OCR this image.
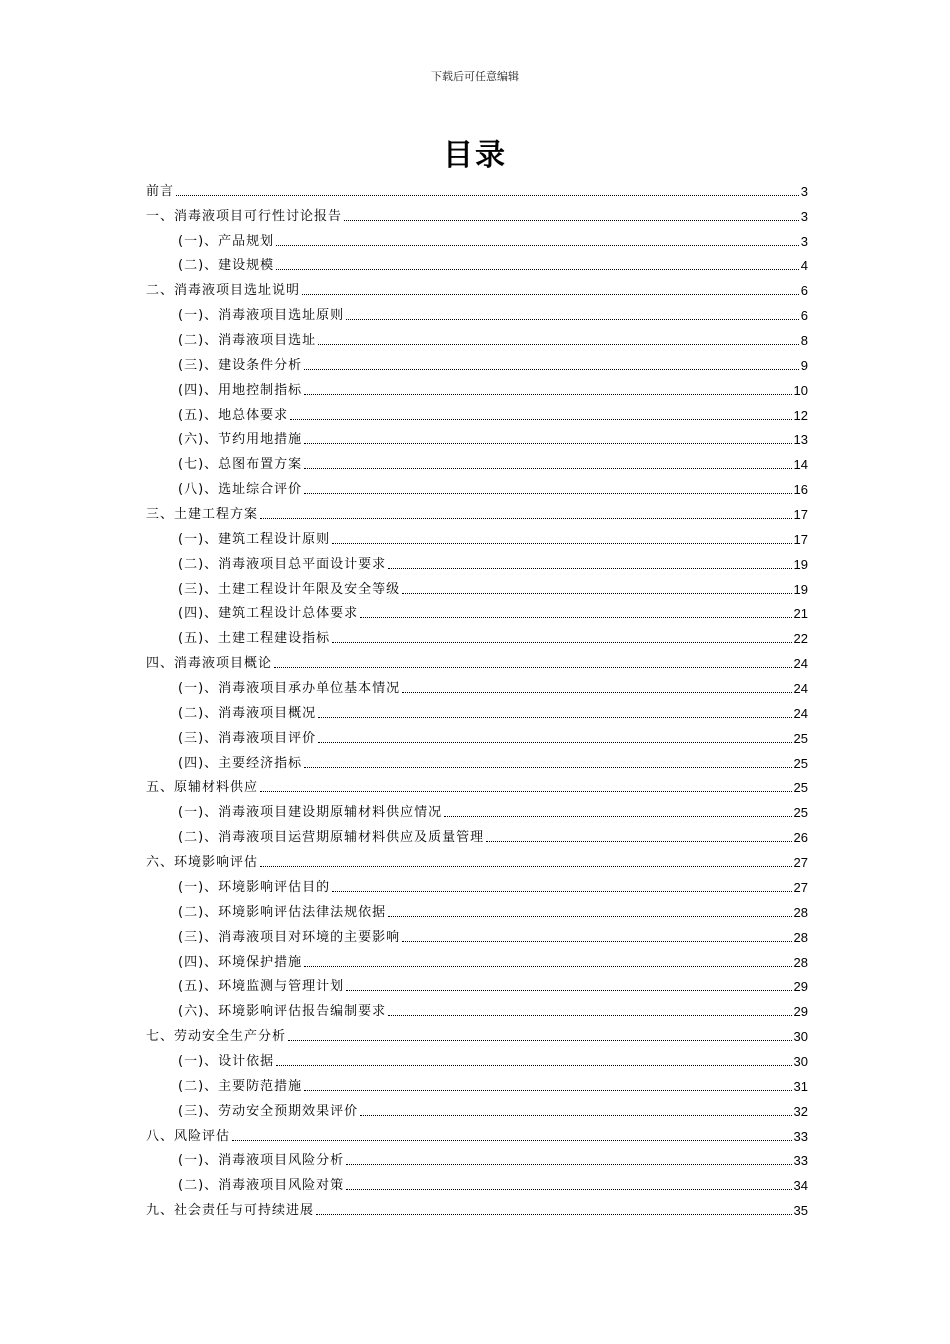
下载后可任意编辑
目录
前言	3
一、消毒液项目可行性讨论报告	3
(一)、产品规划	3
(二)、建设规模	4
二、消毒液项目选址说明	6
(一)、消毒液项目选址原则	6
(二)、消毒液项目选址	8
(三)、建设条件分析	9
(四)、用地控制指标	10
(五)、地总体要求	12
(六)、节约用地措施	13
(七)、总图布置方案	14
(八)、选址综合评价	16
三、土建工程方案	17
(一)、建筑工程设计原则	17
(二)、消毒液项目总平面设计要求	19
(三)、土建工程设计年限及安全等级	19
(四)、建筑工程设计总体要求	21
(五)、土建工程建设指标	22
四、消毒液项目概论	24
(一)、消毒液项目承办单位基本情况	24
(二)、消毒液项目概况	24
(三)、消毒液项目评价	25
(四)、主要经济指标	25
五、原辅材料供应	25
(一)、消毒液项目建设期原辅材料供应情况	25
(二)、消毒液项目运营期原辅材料供应及质量管理	26
六、环境影响评估	27
(一)、环境影响评估目的	27
(二)、环境影响评估法律法规依据	28
(三)、消毒液项目对环境的主要影响	28
(四)、环境保护措施	28
(五)、环境监测与管理计划	29
(六)、环境影响评估报告编制要求	29
七、劳动安全生产分析	30
(一)、设计依据	30
(二)、主要防范措施	31
(三)、劳动安全预期效果评价	32
八、风险评估	33
(一)、消毒液项目风险分析	33
(二)、消毒液项目风险对策	34
九、社会责任与可持续进展	35
